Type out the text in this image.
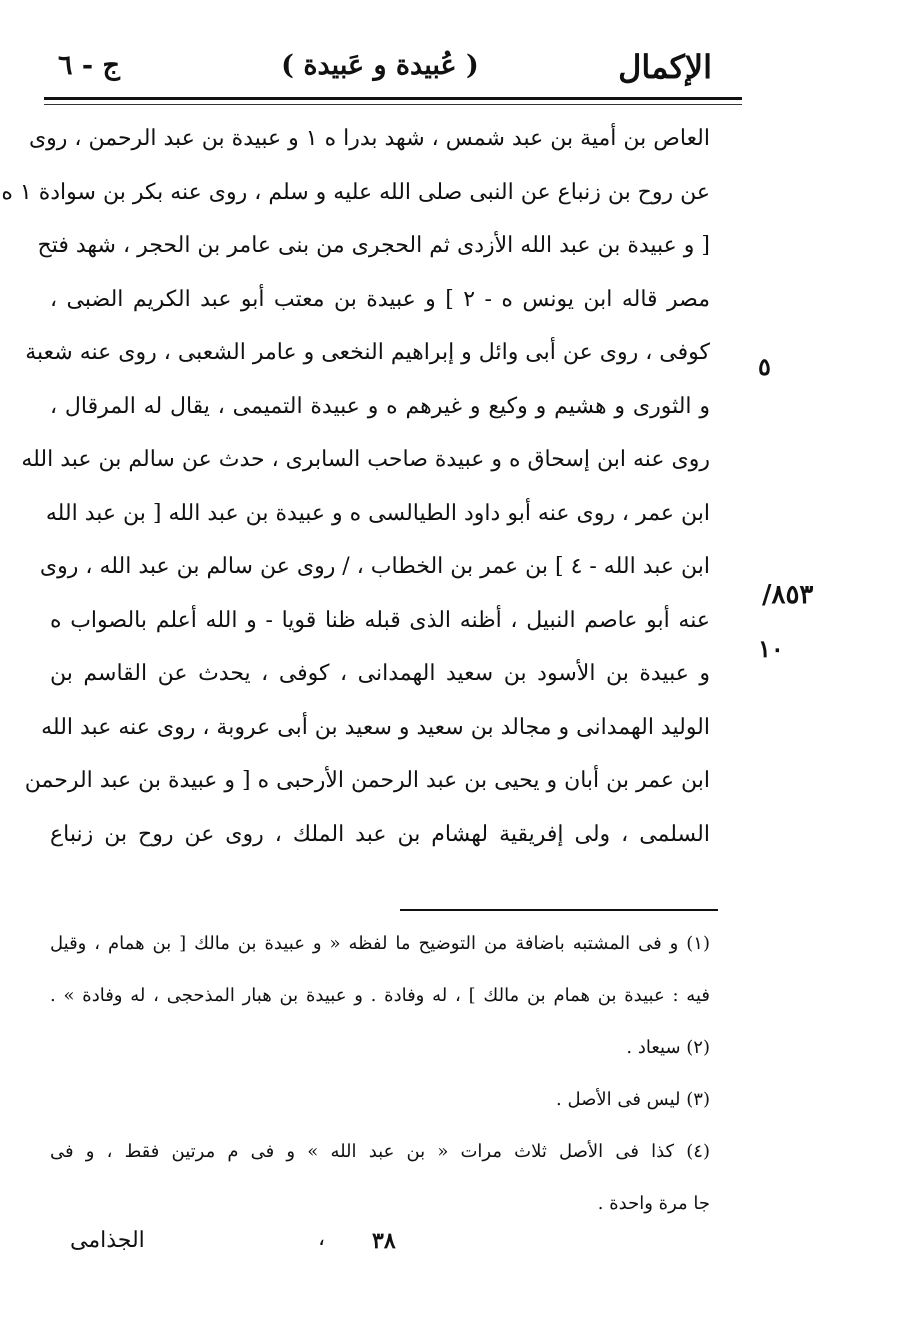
الإكمال
( عُبيدة و عَبيدة )
ج - ٦
العاص بن أمية بن عبد شمس ، شهد بدرا ه ١ و عبيدة بن عبد الرحمن ، روى
عن روح بن زنباع عن النبى صلى الله عليه و سلم ، روى عنه بكر بن سوادة ١ ه
[ و عبيدة بن عبد الله الأزدى ثم الحجرى من بنى عامر بن الحجر ، شهد فتح
مصر قاله ابن يونس ه - ٢ ] و عبيدة بن معتب أبو عبد الكريم الضبى ،
كوفى ، روى عن أبى وائل و إبراهيم النخعى و عامر الشعبى ، روى عنه شعبة
و الثورى و هشيم و وكيع و غيرهم ه و عبيدة التميمى ، يقال له المرقال ،
روى عنه ابن إسحاق ه و عبيدة صاحب السابرى ، حدث عن سالم بن عبد الله
ابن عمر ، روى عنه أبو داود الطيالسى ه و عبيدة بن عبد الله [ بن عبد الله
ابن عبد الله - ٤ ] بن عمر بن الخطاب ، / روى عن سالم بن عبد الله ، روى
عنه أبو عاصم النبيل ، أظنه الذى قبله ظنا قويا - و الله أعلم بالصواب ه
و عبيدة بن الأسود بن سعيد الهمدانى ، كوفى ، يحدث عن القاسم بن
الوليد الهمدانى و مجالد بن سعيد و سعيد بن أبى عروبة ، روى عنه عبد الله
ابن عمر بن أبان و يحيى بن عبد الرحمن الأرحبى ه [ و عبيدة بن عبد الرحمن
السلمى ، ولى إفريقية لهشام بن عبد الملك ، روى عن روح بن زنباع
٥
٨٥٣/
١٠
(١) و فى المشتبه باضافة من التوضيح ما لفظه « و عبيدة بن مالك [ بن همام ، وقيل
فيه : عبيدة بن همام بن مالك ] ، له وفادة . و عبيدة بن هبار المذحجى ، له وفادة » .
(٢) سيعاد .
(٣) ليس فى الأصل .
(٤) كذا فى الأصل ثلاث مرات « بن عبد الله » و فى م مرتين فقط ، و فى
جا مرة واحدة .
٣٨
،
الجذامى
